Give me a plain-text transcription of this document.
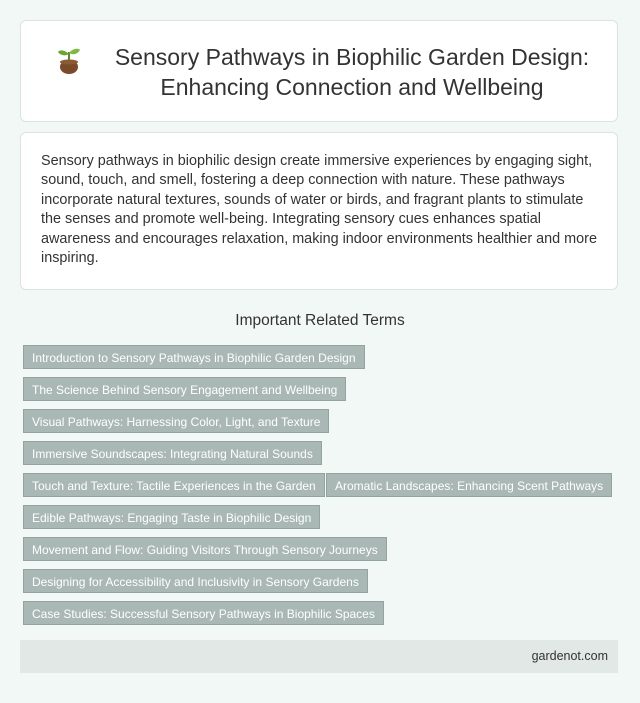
Sensory Pathways in Biophilic Garden Design: Enhancing Connection and Wellbeing

Sensory pathways in biophilic design create immersive experiences by engaging sight, sound, touch, and smell, fostering a deep connection with nature. These pathways incorporate natural textures, sounds of water or birds, and fragrant plants to stimulate the senses and promote well-being. Integrating sensory cues enhances spatial awareness and encourages relaxation, making indoor environments healthier and more inspiring.

Important Related Terms
Introduction to Sensory Pathways in Biophilic Garden Design
The Science Behind Sensory Engagement and Wellbeing
Visual Pathways: Harnessing Color, Light, and Texture
Immersive Soundscapes: Integrating Natural Sounds
Touch and Texture: Tactile Experiences in the Garden	Aromatic Landscapes: Enhancing Scent Pathways
Edible Pathways: Engaging Taste in Biophilic Design
Movement and Flow: Guiding Visitors Through Sensory Journeys
Designing for Accessibility and Inclusivity in Sensory Gardens
Case Studies: Successful Sensory Pathways in Biophilic Spaces
gardenot.com
